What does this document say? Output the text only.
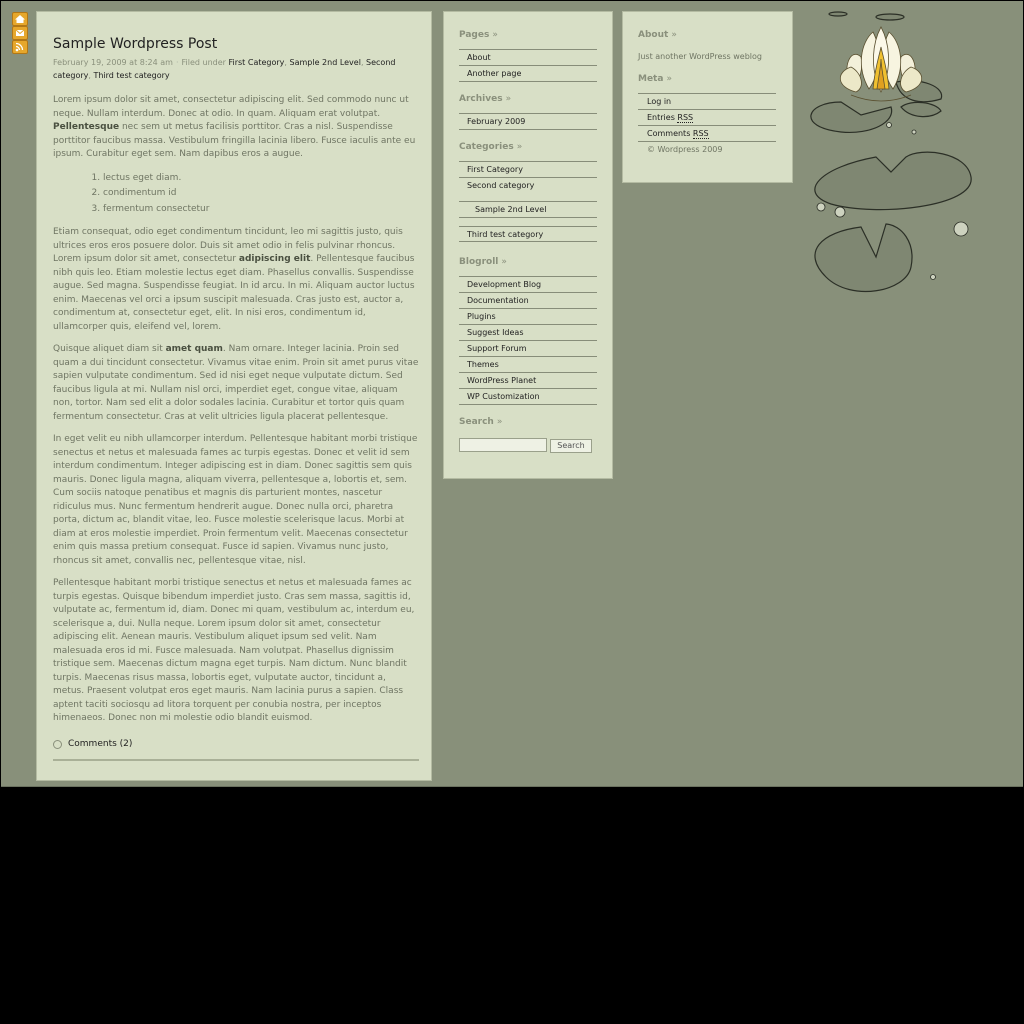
Sample Wordpress Post
February 19, 2009 at 8:24 am · Filed under First Category, Sample 2nd Level, Second category, Third test category

Lorem ipsum dolor sit amet, consectetur adipiscing elit. Sed commodo nunc ut neque. Nullam interdum. Donec at odio. In quam. Aliquam erat volutpat. Pellentesque nec sem ut metus facilisis porttitor. Cras a nisl. Suspendisse porttitor faucibus massa. Vestibulum fringilla lacinia libero. Fusce iaculis ante eu ipsum. Curabitur eget sem. Nam dapibus eros a augue.

1. lectus eget diam.
2. condimentum id
3. fermentum consectetur

Etiam consequat, odio eget condimentum tincidunt, leo mi sagittis justo, quis ultrices eros eros posuere dolor. Duis sit amet odio in felis pulvinar rhoncus. Lorem ipsum dolor sit amet, consectetur adipiscing elit. Pellentesque faucibus nibh quis leo. Etiam molestie lectus eget diam. Phasellus convallis. Suspendisse augue. Sed magna. Suspendisse feugiat. In id arcu. In mi. Aliquam auctor luctus enim. Maecenas vel orci a ipsum suscipit malesuada. Cras justo est, auctor a, condimentum at, consectetur eget, elit. In nisi eros, condimentum id, ullamcorper quis, eleifend vel, lorem.

Quisque aliquet diam sit amet quam. Nam ornare. Integer lacinia. Proin sed quam a dui tincidunt consectetur. Vivamus vitae enim. Proin sit amet purus vitae sapien vulputate condimentum. Sed id nisi eget neque vulputate dictum. Sed faucibus ligula at mi. Nullam nisl orci, imperdiet eget, congue vitae, aliquam non, tortor. Nam sed elit a dolor sodales lacinia. Curabitur et tortor quis quam fermentum consectetur. Cras at velit ultricies ligula placerat pellentesque.

In eget velit eu nibh ullamcorper interdum. Pellentesque habitant morbi tristique senectus et netus et malesuada fames ac turpis egestas. Donec et velit id sem interdum condimentum. Integer adipiscing est in diam. Donec sagittis sem quis mauris. Donec ligula magna, aliquam viverra, pellentesque a, lobortis et, sem. Cum sociis natoque penatibus et magnis dis parturient montes, nascetur ridiculus mus. Nunc fermentum hendrerit augue. Donec nulla orci, pharetra porta, dictum ac, blandit vitae, leo. Fusce molestie scelerisque lacus. Morbi at diam at eros molestie imperdiet. Proin fermentum velit. Maecenas consectetur enim quis massa pretium consequat. Fusce id sapien. Vivamus nunc justo, rhoncus sit amet, convallis nec, pellentesque vitae, nisl.

Pellentesque habitant morbi tristique senectus et netus et malesuada fames ac turpis egestas. Quisque bibendum imperdiet justo. Cras sem massa, sagittis id, vulputate ac, fermentum id, diam. Donec mi quam, vestibulum ac, interdum eu, scelerisque a, dui. Nulla neque. Lorem ipsum dolor sit amet, consectetur adipiscing elit. Aenean mauris. Vestibulum aliquet ipsum sed velit. Nam malesuada eros id mi. Fusce malesuada. Nam volutpat. Phasellus dignissim tristique sem. Maecenas dictum magna eget turpis. Nam dictum. Nunc blandit turpis. Maecenas risus massa, lobortis eget, vulputate auctor, tincidunt a, metus. Praesent volutpat eros eget mauris. Nam lacinia purus a sapien. Class aptent taciti sociosqu ad litora torquent per conubia nostra, per inceptos himenaeos. Donec non mi molestie odio blandit euismod.

Comments (2)
Pages »
About
Another page
Archives »
February 2009
Categories »
First Category
Second category
Sample 2nd Level
Third test category
Blogroll »
Development Blog
Documentation
Plugins
Suggest Ideas
Support Forum
Themes
WordPress Planet
WP Customization
Search »
Search
About »
Just another WordPress weblog
Meta »
Log in
Entries RSS
Comments RSS
© Wordpress 2009
